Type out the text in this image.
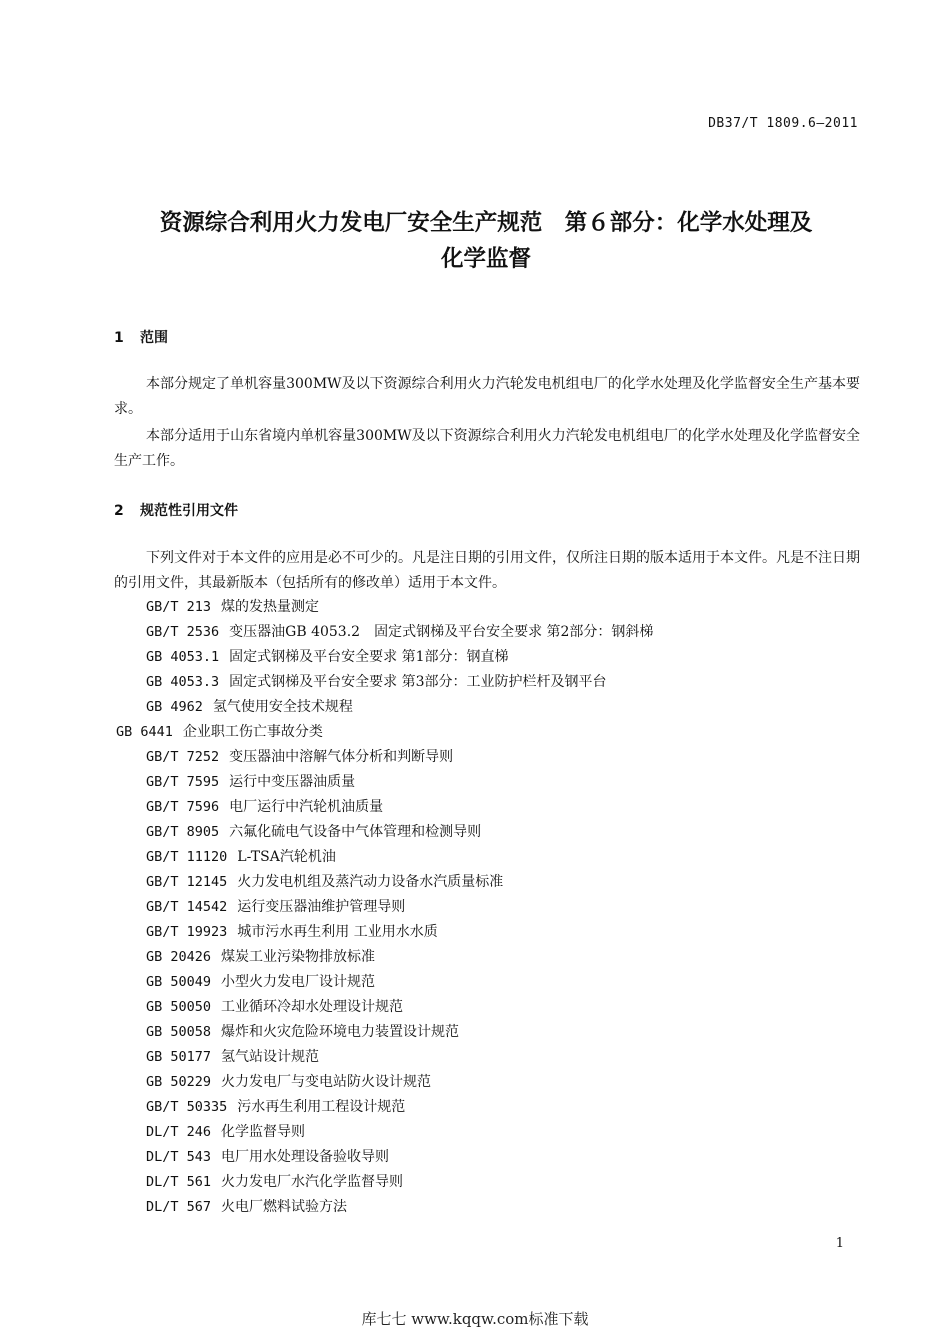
DB37/T 1809.6—2011
资源综合利用火力发电厂安全生产规范　第６部分：化学水处理及
化学监督
1 范围
本部分规定了单机容量300MW及以下资源综合利用火力汽轮发电机组电厂的化学水处理及化学监督安全生产基本要求。
本部分适用于山东省境内单机容量300MW及以下资源综合利用火力汽轮发电机组电厂的化学水处理及化学监督安全生产工作。
2 规范性引用文件
下列文件对于本文件的应用是必不可少的。凡是注日期的引用文件，仅所注日期的版本适用于本文件。凡是不注日期的引用文件，其最新版本（包括所有的修改单）适用于本文件。
GB/T 213 煤的发热量测定
GB/T 2536 变压器油GB 4053.2　固定式钢梯及平台安全要求 第2部分：钢斜梯
GB 4053.1 固定式钢梯及平台安全要求 第1部分：钢直梯
GB 4053.3 固定式钢梯及平台安全要求 第3部分：工业防护栏杆及钢平台
GB 4962 氢气使用安全技术规程
GB 6441 企业职工伤亡事故分类
GB/T 7252 变压器油中溶解气体分析和判断导则
GB/T 7595 运行中变压器油质量
GB/T 7596 电厂运行中汽轮机油质量
GB/T 8905 六氟化硫电气设备中气体管理和检测导则
GB/T 11120 L-TSA汽轮机油
GB/T 12145 火力发电机组及蒸汽动力设备水汽质量标准
GB/T 14542 运行变压器油维护管理导则
GB/T 19923 城市污水再生利用 工业用水水质
GB 20426 煤炭工业污染物排放标准
GB 50049 小型火力发电厂设计规范
GB 50050 工业循环冷却水处理设计规范
GB 50058 爆炸和火灾危险环境电力装置设计规范
GB 50177 氢气站设计规范
GB 50229 火力发电厂与变电站防火设计规范
GB/T 50335 污水再生利用工程设计规范
DL/T 246 化学监督导则
DL/T 543 电厂用水处理设备验收导则
DL/T 561 火力发电厂水汽化学监督导则
DL/T 567 火电厂燃料试验方法
1
库七七 www.kqqw.com标准下载
